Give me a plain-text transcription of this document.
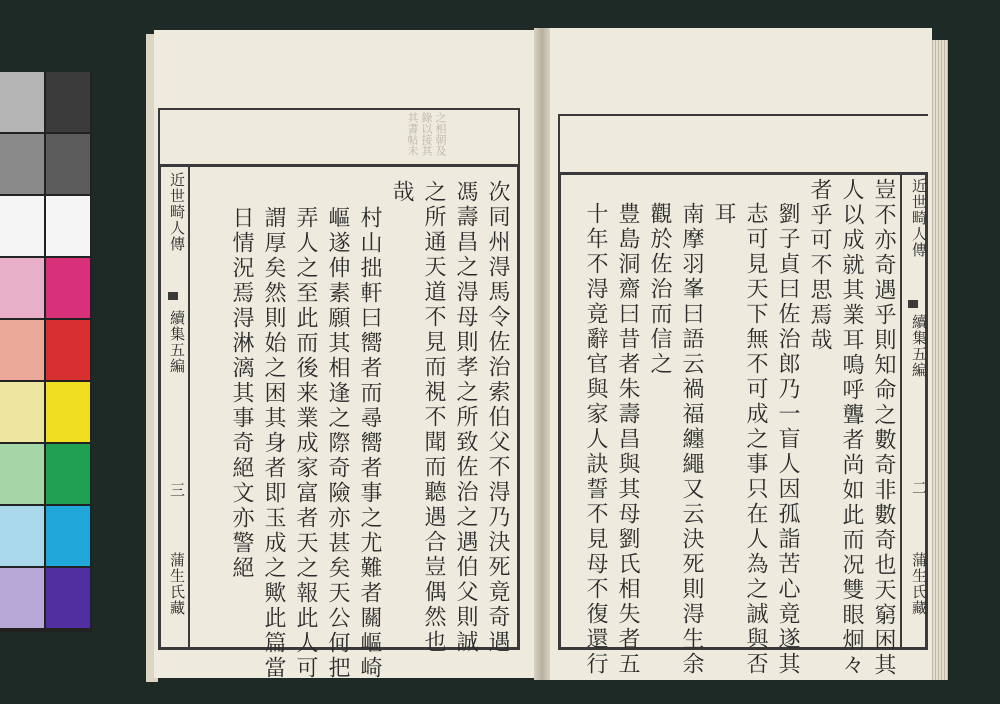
近世畸人傳
續集五編
三
蒲生氏藏
之相朝及
錄以接其
其書帖未
次同州淂馬令佐治索伯父不淂乃決死竟奇遇
馮壽昌之淂母則孝之所致佐治之遇伯父則誠
之所通天道不見而視不聞而聽遇合豈偶然也
哉
村山拙軒曰嚮者而尋嚮者事之尤難者關嶇崎
嶇遂伸素願其相逢之際奇險亦甚矣天公何把
弄人之至此而後来業成家富者天之報此人可
謂厚矣然則始之困其身者即玉成之歟此篇當
日情況焉淂淋漓其事奇絕文亦警絕	近世畸人傳
續集五編
二
蒲生氏藏
豈不亦奇遇乎則知命之數奇非數奇也天窮困其
人以成就其業耳鳴呼聾者尚如此而况雙眼炯々
者乎可不思焉哉
劉子貞曰佐治郎乃一盲人因孤詣苦心竟遂其
志可見天下無不可成之事只在人為之誠與否
耳
南摩羽峯曰語云禍福纏繩又云決死則淂生余
觀於佐治而信之
豊島洞齋曰昔者朱壽昌與其母劉氏相失者五
十年不淂竟辭官與家人訣誓不見母不復還行
